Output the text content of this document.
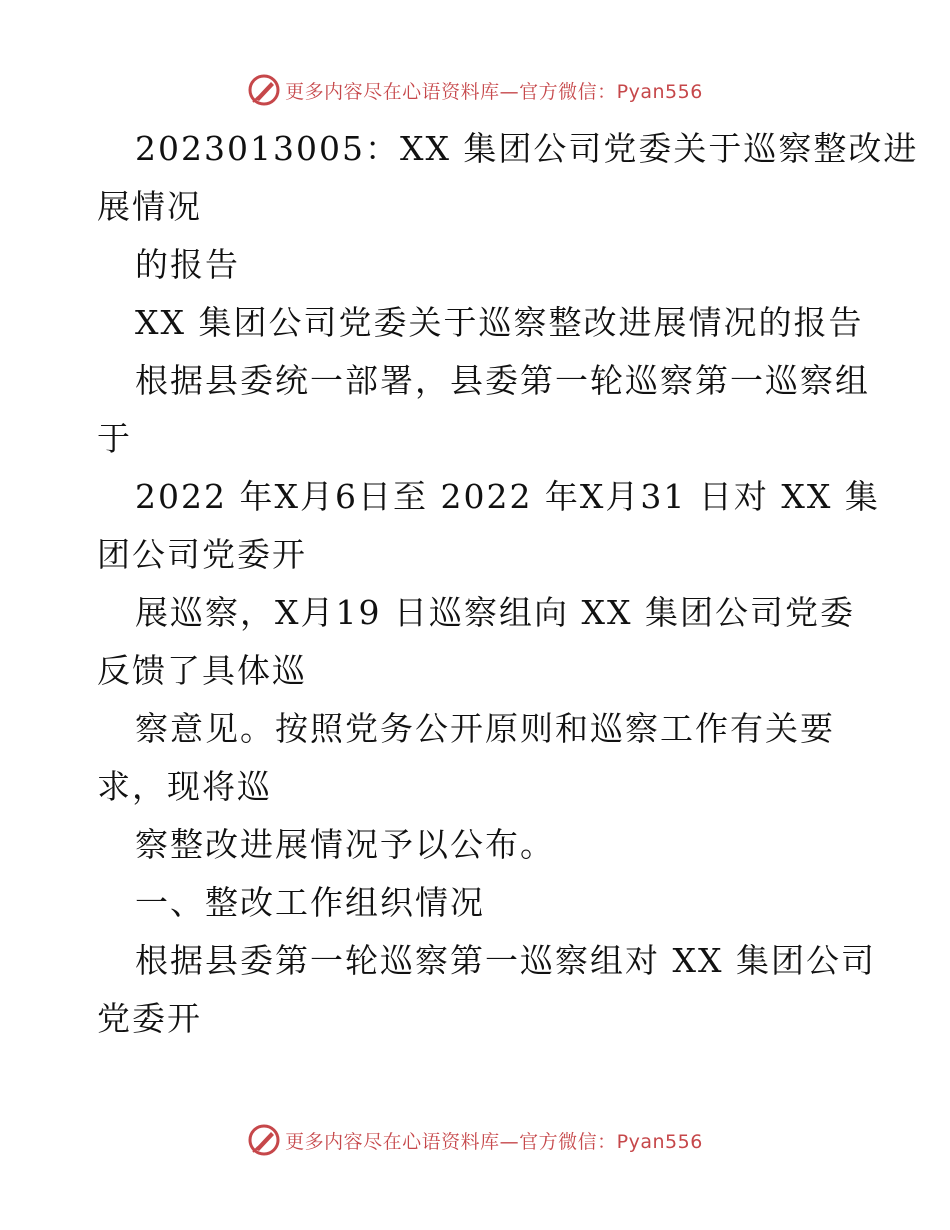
更多内容尽在心语资料库—官方微信：Pyan556

2023013005：XX 集团公司党委关于巡察整改进

展情况

的报告

XX 集团公司党委关于巡察整改进展情况的报告

根据县委统一部署，县委第一轮巡察第一巡察组

于

2022 年X月6日至 2022 年X月31 日对 XX 集

团公司党委开

展巡察，X月19 日巡察组向 XX 集团公司党委

反馈了具体巡

察意见。按照党务公开原则和巡察工作有关要

求，现将巡

察整改进展情况予以公布。

一、整改工作组织情况

根据县委第一轮巡察第一巡察组对 XX 集团公司

党委开

更多内容尽在心语资料库—官方微信：Pyan556
